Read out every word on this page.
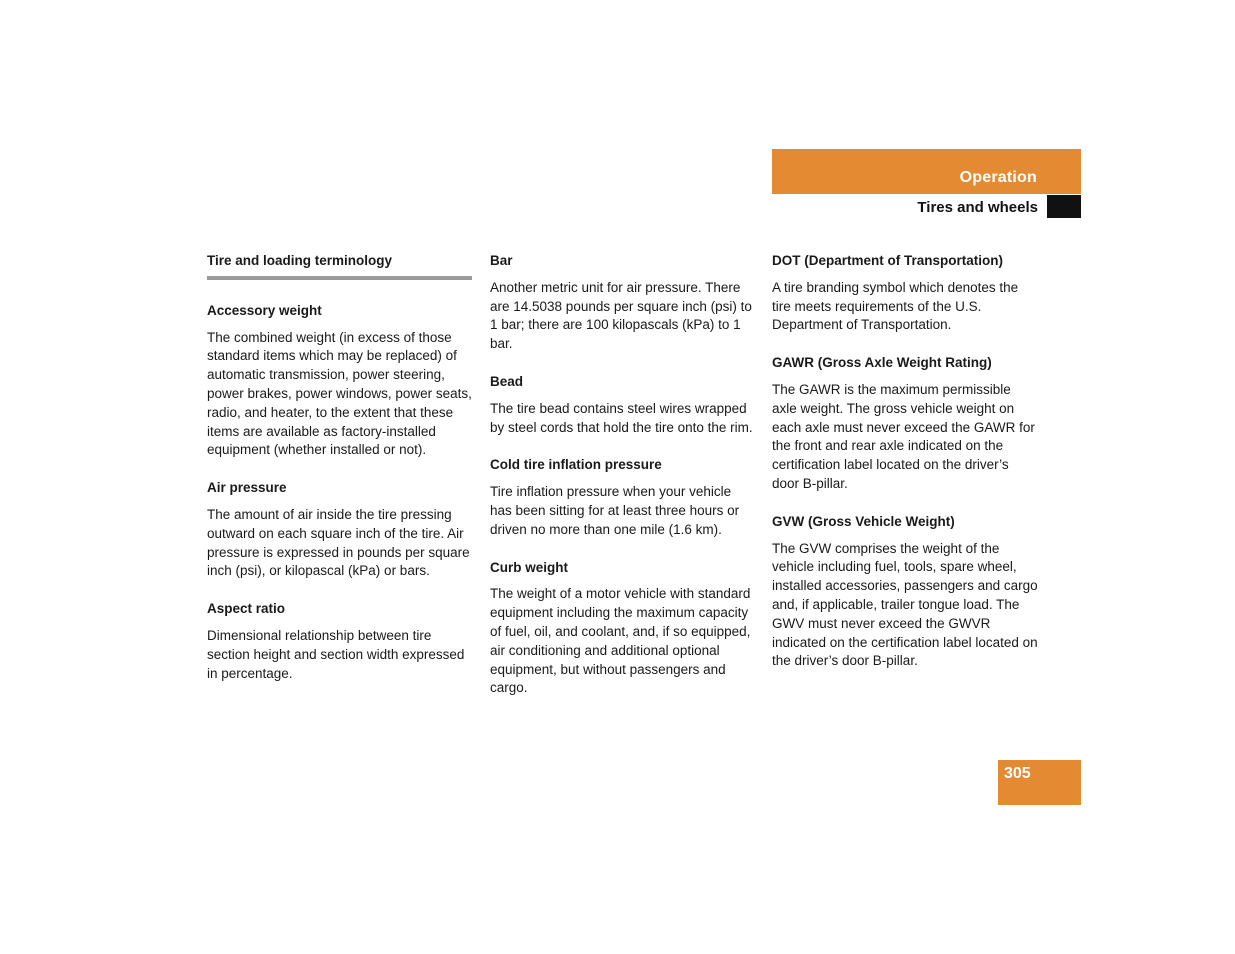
Operation
Tires and wheels
Tire and loading terminology
Accessory weight
The combined weight (in excess of those standard items which may be replaced) of automatic transmission, power steering, power brakes, power windows, power seats, radio, and heater, to the extent that these items are available as factory-installed equipment (whether installed or not).
Air pressure
The amount of air inside the tire pressing outward on each square inch of the tire. Air pressure is expressed in pounds per square inch (psi), or kilopascal (kPa) or bars.
Aspect ratio
Dimensional relationship between tire section height and section width expressed in percentage.
Bar
Another metric unit for air pressure. There are 14.5038 pounds per square inch (psi) to 1 bar; there are 100 kilopascals (kPa) to 1 bar.
Bead
The tire bead contains steel wires wrapped by steel cords that hold the tire onto the rim.
Cold tire inflation pressure
Tire inflation pressure when your vehicle has been sitting for at least three hours or driven no more than one mile (1.6 km).
Curb weight
The weight of a motor vehicle with standard equipment including the maximum capacity of fuel, oil, and coolant, and, if so equipped, air conditioning and additional optional equipment, but without passengers and cargo.
DOT (Department of Transportation)
A tire branding symbol which denotes the tire meets requirements of the U.S. Department of Transportation.
GAWR (Gross Axle Weight Rating)
The GAWR is the maximum permissible axle weight. The gross vehicle weight on each axle must never exceed the GAWR for the front and rear axle indicated on the certification label located on the driver’s door B-pillar.
GVW (Gross Vehicle Weight)
The GVW comprises the weight of the vehicle including fuel, tools, spare wheel, installed accessories, passengers and cargo and, if applicable, trailer tongue load. The GWV must never exceed the GWVR indicated on the certification label located on the driver’s door B-pillar.
305
